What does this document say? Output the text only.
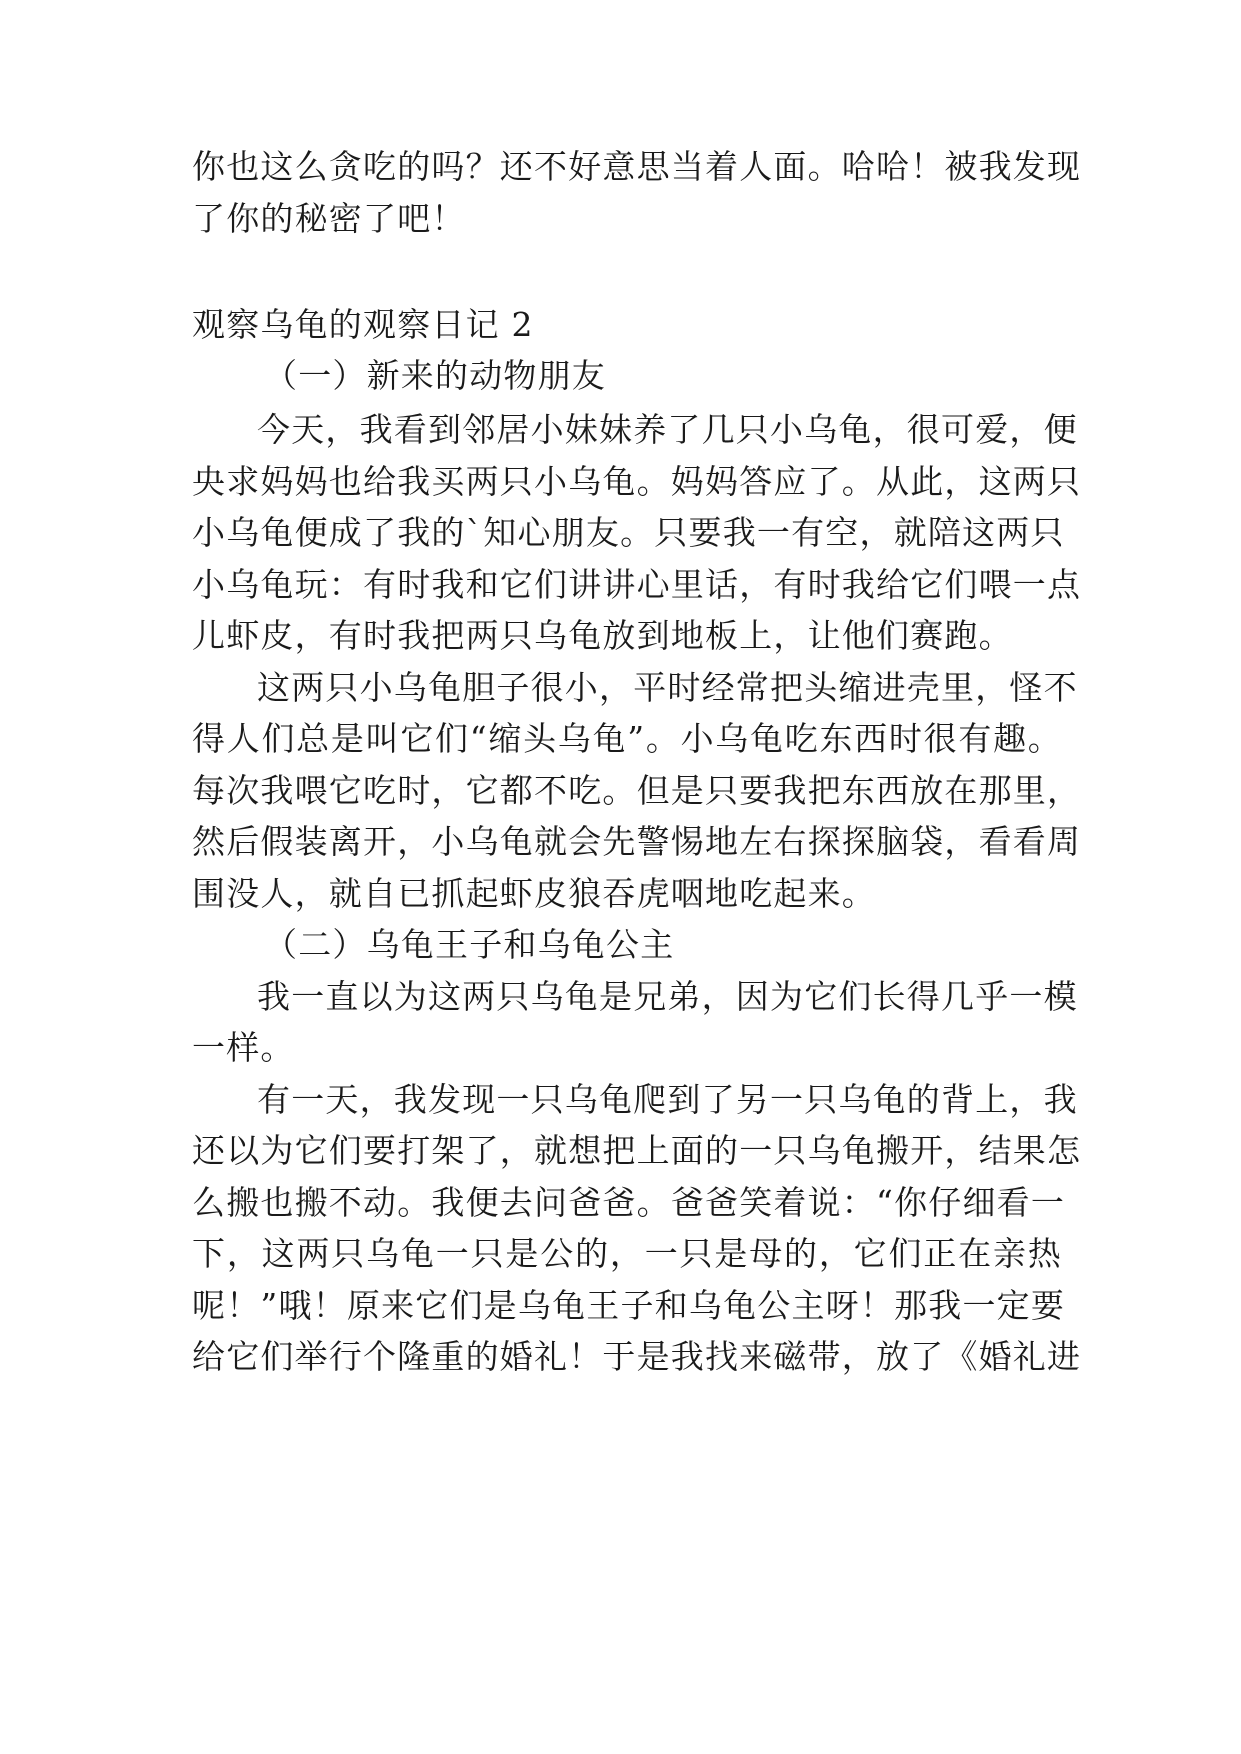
你也这么贪吃的吗？还不好意思当着人面。哈哈！被我发现
了你的秘密了吧！
观察乌龟的观察日记 2
（一）新来的动物朋友
今天，我看到邻居小妹妹养了几只小乌龟，很可爱，便
央求妈妈也给我买两只小乌龟。妈妈答应了。从此，这两只
小乌龟便成了我的`知心朋友。只要我一有空，就陪这两只
小乌龟玩：有时我和它们讲讲心里话，有时我给它们喂一点
儿虾皮，有时我把两只乌龟放到地板上，让他们赛跑。
这两只小乌龟胆子很小，平时经常把头缩进壳里，怪不
得人们总是叫它们“缩头乌龟”。小乌龟吃东西时很有趣。
每次我喂它吃时，它都不吃。但是只要我把东西放在那里，
然后假装离开，小乌龟就会先警惕地左右探探脑袋，看看周
围没人，就自已抓起虾皮狼吞虎咽地吃起来。
（二）乌龟王子和乌龟公主
我一直以为这两只乌龟是兄弟，因为它们长得几乎一模
一样。
有一天，我发现一只乌龟爬到了另一只乌龟的背上，我
还以为它们要打架了，就想把上面的一只乌龟搬开，结果怎
么搬也搬不动。我便去问爸爸。爸爸笑着说：“你仔细看一
下，这两只乌龟一只是公的，一只是母的，它们正在亲热
呢！”哦！原来它们是乌龟王子和乌龟公主呀！那我一定要
给它们举行个隆重的婚礼！于是我找来磁带，放了《婚礼进
